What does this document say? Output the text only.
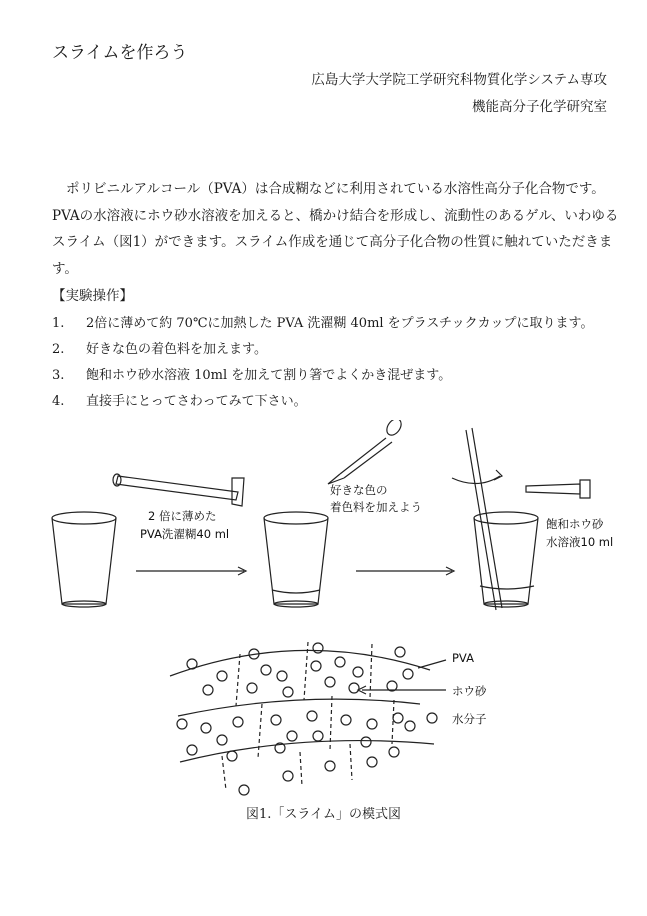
スライムを作ろう
広島大学大学院工学研究科物質化学システム専攻
機能高分子化学研究室
ポリビニルアルコール（PVA）は合成糊などに利用されている水溶性高分子化合物です。PVAの水溶液にホウ砂水溶液を加えると、橋かけ結合を形成し、流動性のあるゲル、いわゆるスライム（図1）ができます。スライム作成を通じて高分子化合物の性質に触れていただきます。
【実験操作】
1. 2倍に薄めて約 70℃に加熱した PVA 洗濯糊 40ml をプラスチックカップに取ります。
2. 好きな色の着色料を加えます。
3. 飽和ホウ砂水溶液 10ml を加えて割り箸でよくかき混ぜます。
4. 直接手にとってさわってみて下さい。
2 倍に薄めた
PVA洗濯糊40 ml
好きな色の
着色料を加えよう
飽和ホウ砂
水溶液10 ml
PVA
ホウ砂
水分子
図1.「スライム」の模式図
